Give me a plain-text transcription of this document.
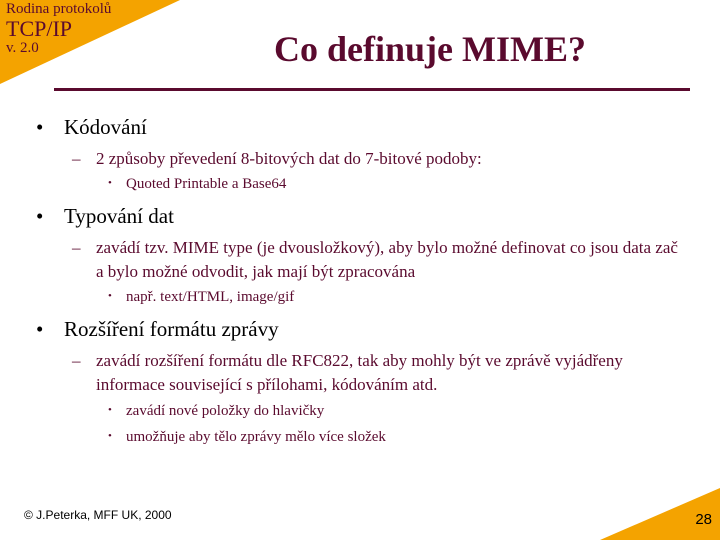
Rodina protokolů
TCP/IP
v. 2.0	Co definuje MIME?
• Kódování
– 2 způsoby převedení 8-bitových dat do 7-bitové podoby:
• Quoted Printable a Base64
• Typování dat
– zavádí tzv. MIME type (je dvousložkový), aby bylo možné definovat co jsou data zač a bylo možné odvodit, jak mají být zpracována
• např. text/HTML, image/gif
• Rozšíření formátu zprávy
– zavádí rozšíření formátu dle RFC822, tak aby mohly být ve zprávě vyjádřeny informace související s přílohami, kódováním atd.
• zavádí nové položky do hlavičky
• umožňuje aby tělo zprávy mělo více složek
© J.Peterka, MFF UK, 2000	28
